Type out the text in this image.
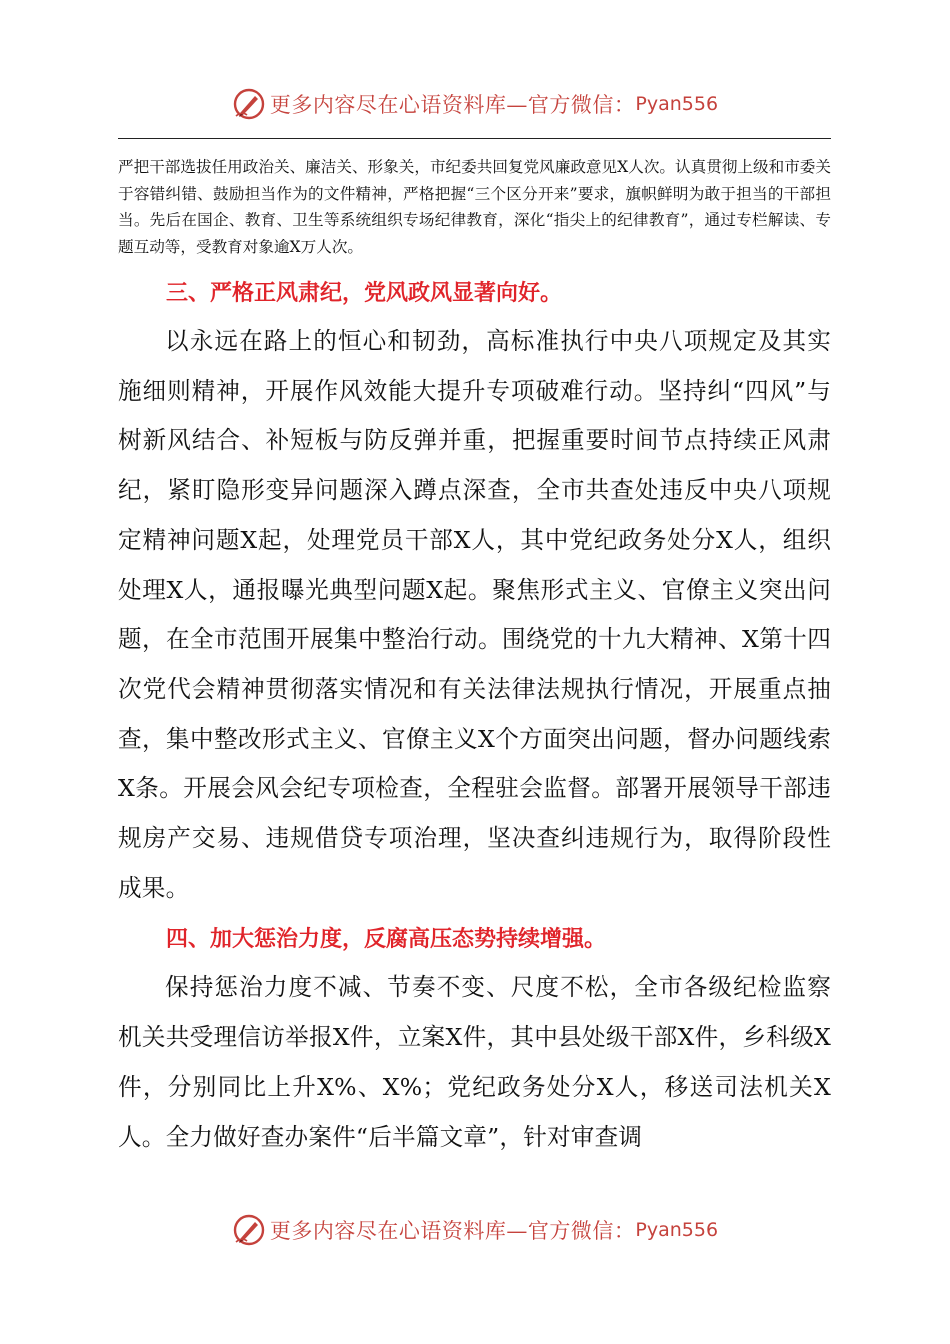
更多内容尽在心语资料库—官方微信： Pyan556

严把干部选拔任用政治关、廉洁关、形象关，市纪委共回复党风廉政意见X人次。认真贯彻上级和市委关于容错纠错、鼓励担当作为的文件精神，严格把握“三个区分开来”要求，旗帜鲜明为敢于担当的干部担当。先后在国企、教育、卫生等系统组织专场纪律教育，深化“指尖上的纪律教育”，通过专栏解读、专题互动等，受教育对象逾X万人次。

三、严格正风肃纪，党风政风显著向好。

以永远在路上的恒心和韧劲，高标准执行中央八项规定及其实施细则精神，开展作风效能大提升专项破难行动。坚持纠“四风”与树新风结合、补短板与防反弹并重，把握重要时间节点持续正风肃纪，紧盯隐形变异问题深入蹲点深查，全市共查处违反中央八项规定精神问题X起，处理党员干部X人，其中党纪政务处分X人，组织处理X人，通报曝光典型问题X起。聚焦形式主义、官僚主义突出问题，在全市范围开展集中整治行动。围绕党的十九大精神、X第十四次党代会精神贯彻落实情况和有关法律法规执行情况，开展重点抽查，集中整改形式主义、官僚主义X个方面突出问题，督办问题线索X条。开展会风会纪专项检查，全程驻会监督。部署开展领导干部违规房产交易、违规借贷专项治理，坚决查纠违规行为，取得阶段性成果。

四、加大惩治力度，反腐高压态势持续增强。

保持惩治力度不减、节奏不变、尺度不松，全市各级纪检监察机关共受理信访举报X件，立案X件，其中县处级干部X件，乡科级X件，分别同比上升X%、X%；党纪政务处分X人，移送司法机关X人。全力做好查办案件“后半篇文章”，针对审查调

更多内容尽在心语资料库—官方微信： Pyan556
